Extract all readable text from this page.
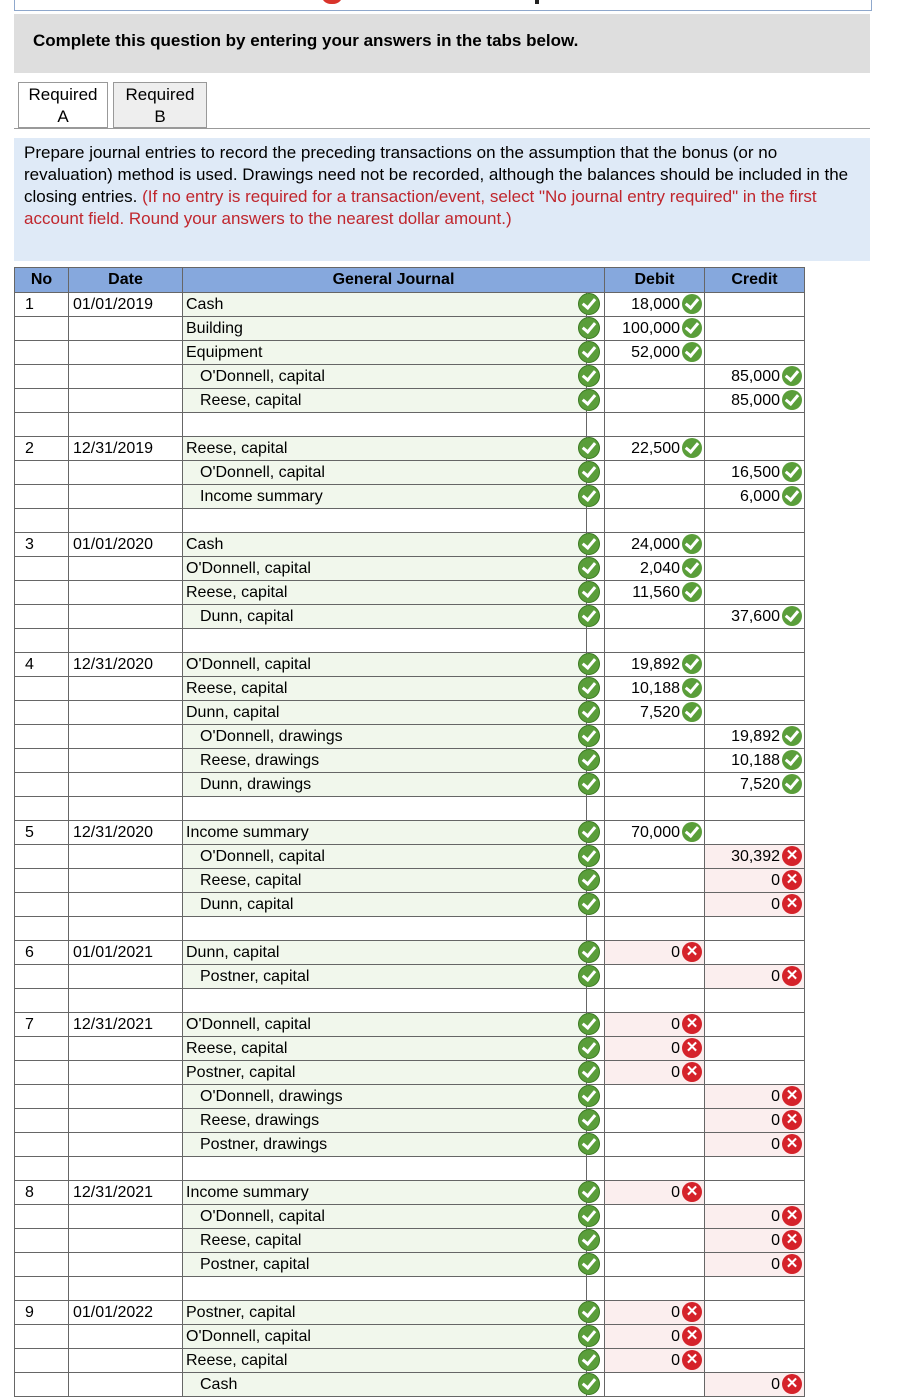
Complete this question by entering your answers in the tabs below.
Required
A
Required
B
Prepare journal entries to record the preceding transactions on the assumption that the bonus (or no revaluation) method is used. Drawings need not be recorded, although the balances should be included in the closing entries. (If no entry is required for a transaction/event, select "No journal entry required" in the first account field. Round your answers to the nearest dollar amount.)
No	Date	General Journal		Debit	Credit
1	01/01/2019	Cash		18,000

		Building		100,000

		Equipment		52,000

		O'Donnell, capital			85,000

		Reese, capital			85,000

2	12/31/2019	Reese, capital		22,500

		O'Donnell, capital			16,500

		Income summary			6,000

3	01/01/2020	Cash		24,000

		O'Donnell, capital		2,040

		Reese, capital		11,560

		Dunn, capital			37,600

4	12/31/2020	O'Donnell, capital		19,892

		Reese, capital		10,188

		Dunn, capital		7,520

		O'Donnell, drawings			19,892

		Reese, drawings			10,188

		Dunn, drawings			7,520

5	12/31/2020	Income summary		70,000

		O'Donnell, capital			30,392 ✕

		Reese, capital			0 ✕

		Dunn, capital			0 ✕

6	01/01/2021	Dunn, capital		0 ✕	

		Postner, capital			0 ✕

7	12/31/2021	O'Donnell, capital		0 ✕	

		Reese, capital		0 ✕	

		Postner, capital		0 ✕	

		O'Donnell, drawings			0 ✕

		Reese, drawings			0 ✕

		Postner, drawings			0 ✕

8	12/31/2021	Income summary		0 ✕	

		O'Donnell, capital			0 ✕

		Reese, capital			0 ✕

		Postner, capital			0 ✕

9	01/01/2022	Postner, capital		0 ✕	

		O'Donnell, capital		0 ✕	

		Reese, capital		0 ✕	

		Cash			0 ✕
